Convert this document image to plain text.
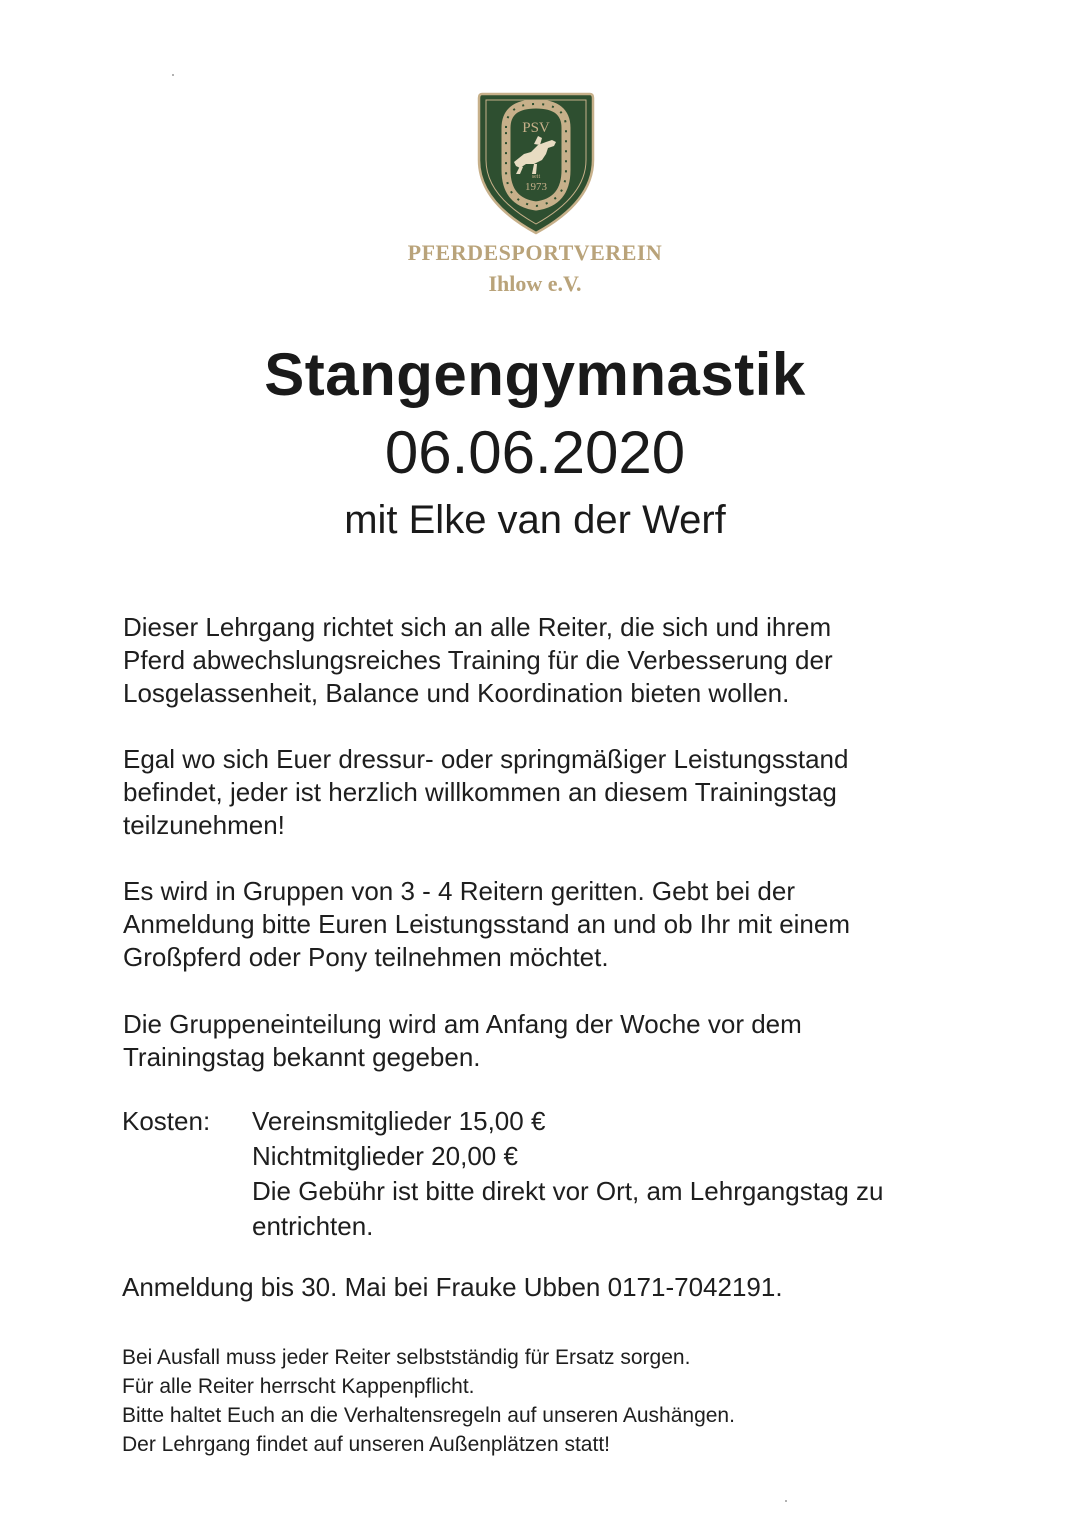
PSV
seit
1973
PFERDESPORTVEREIN
Ihlow e.V.
Stangengymnastik
06.06.2020
mit Elke van der Werf
Dieser Lehrgang richtet sich an alle Reiter, die sich und ihrem
Pferd abwechslungsreiches Training für die Verbesserung der
Losgelassenheit, Balance und Koordination bieten wollen.
Egal wo sich Euer dressur- oder springmäßiger Leistungsstand
befindet, jeder ist herzlich willkommen an diesem Trainingstag
teilzunehmen!
Es wird in Gruppen von 3 - 4 Reitern geritten. Gebt bei der
Anmeldung bitte Euren Leistungsstand an und ob Ihr mit einem
Großpferd oder Pony teilnehmen möchtet.
Die Gruppeneinteilung wird am Anfang der Woche vor dem
Trainingstag bekannt gegeben.
Kosten: Vereinsmitglieder 15,00 €
Nichtmitglieder 20,00 €
Die Gebühr ist bitte direkt vor Ort, am Lehrgangstag zu
entrichten.
Anmeldung bis 30. Mai bei Frauke Ubben 0171-7042191.
Bei Ausfall muss jeder Reiter selbstständig für Ersatz sorgen.
Für alle Reiter herrscht Kappenpflicht.
Bitte haltet Euch an die Verhaltensregeln auf unseren Aushängen.
Der Lehrgang findet auf unseren Außenplätzen statt!
